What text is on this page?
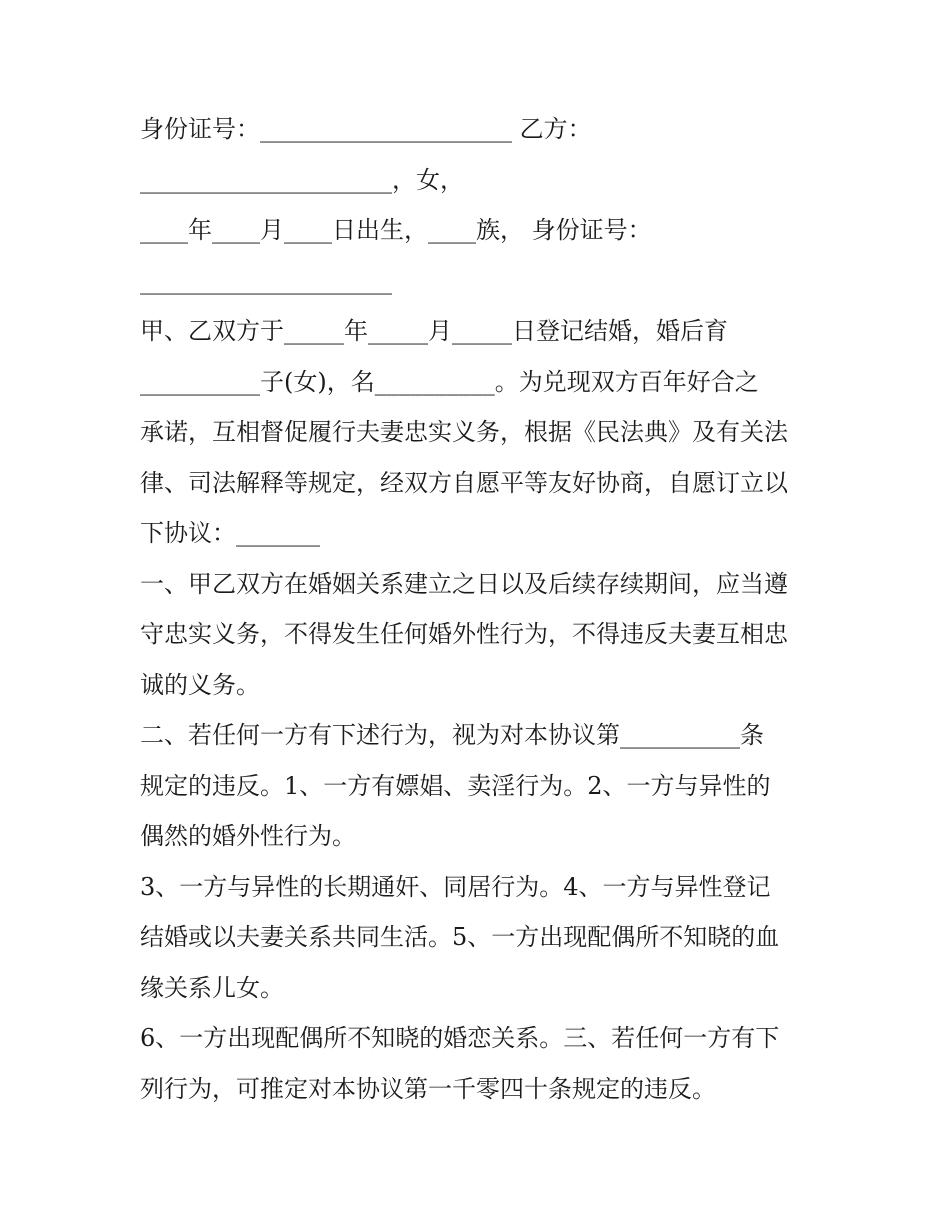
身份证号：_____________________ 乙方：
_____________________，女，
____年____月____日出生，____族， 身份证号：
_____________________
甲、乙双方于_____年_____月_____日登记结婚，婚后育
__________子(女)，名__________。为兑现双方百年好合之
承诺，互相督促履行夫妻忠实义务，根据《民法典》及有关法
律、司法解释等规定，经双方自愿平等友好协商，自愿订立以
下协议：_______
一、甲乙双方在婚姻关系建立之日以及后续存续期间，应当遵
守忠实义务，不得发生任何婚外性行为，不得违反夫妻互相忠
诚的义务。
二、若任何一方有下述行为，视为对本协议第__________条
规定的违反。1、一方有嫖娼、卖淫行为。2、一方与异性的
偶然的婚外性行为。
3、一方与异性的长期通奸、同居行为。4、一方与异性登记
结婚或以夫妻关系共同生活。5、一方出现配偶所不知晓的血
缘关系儿女。
6、一方出现配偶所不知晓的婚恋关系。三、若任何一方有下
列行为，可推定对本协议第一千零四十条规定的违反。
